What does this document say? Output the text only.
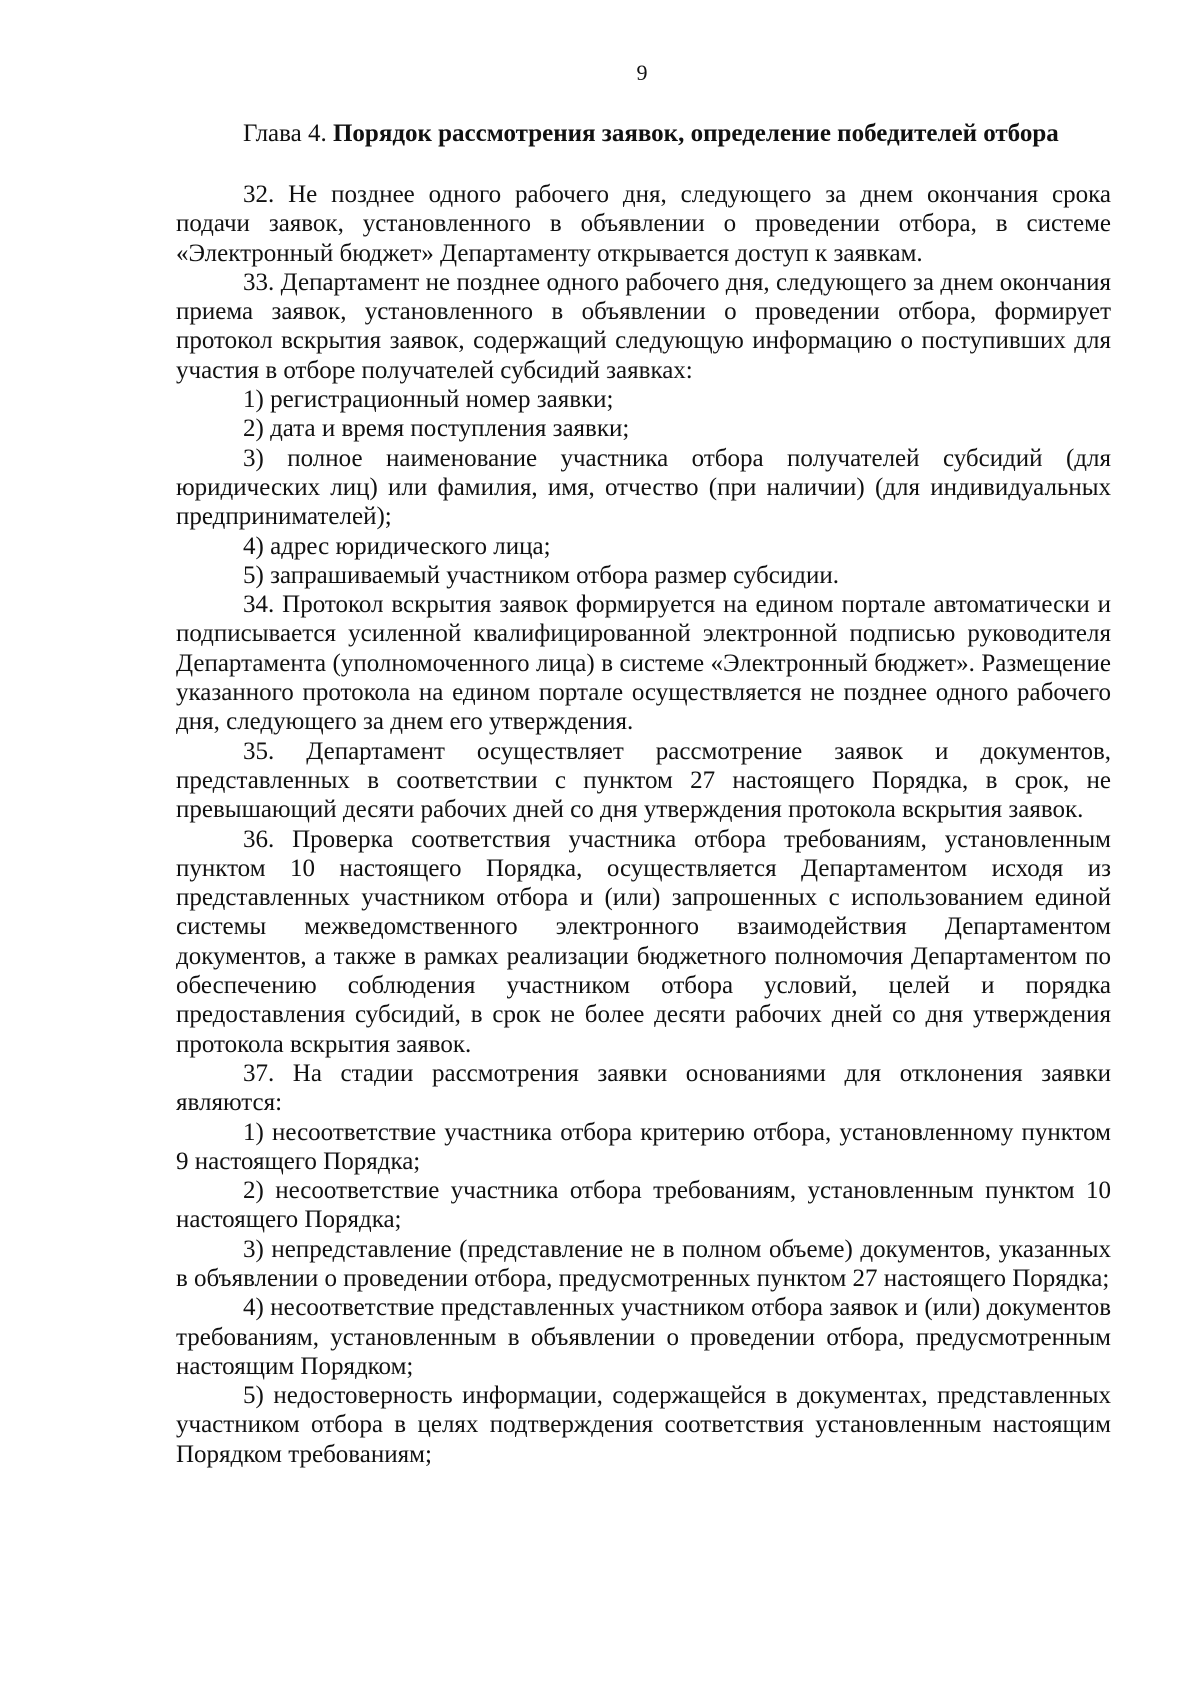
9
Глава 4. Порядок рассмотрения заявок, определение победителей отбора

32. Не позднее одного рабочего дня, следующего за днем окончания срока подачи заявок, установленного в объявлении о проведении отбора, в системе «Электронный бюджет» Департаменту открывается доступ к заявкам.

33. Департамент не позднее одного рабочего дня, следующего за днем окончания приема заявок, установленного в объявлении о проведении отбора, формирует протокол вскрытия заявок, содержащий следующую информацию о поступивших для участия в отборе получателей субсидий заявках:

1) регистрационный номер заявки;

2) дата и время поступления заявки;

3) полное наименование участника отбора получателей субсидий (для юридических лиц) или фамилия, имя, отчество (при наличии) (для индивидуальных предпринимателей);

4) адрес юридического лица;

5) запрашиваемый участником отбора размер субсидии.

34. Протокол вскрытия заявок формируется на едином портале автоматически и подписывается усиленной квалифицированной электронной подписью руководителя Департамента (уполномоченного лица) в системе «Электронный бюджет». Размещение указанного протокола на едином портале осуществляется не позднее одного рабочего дня, следующего за днем его утверждения.

35. Департамент осуществляет рассмотрение заявок и документов, представленных в соответствии с пунктом 27 настоящего Порядка, в срок, не превышающий десяти рабочих дней со дня утверждения протокола вскрытия заявок.

36. Проверка соответствия участника отбора требованиям, установленным пунктом 10 настоящего Порядка, осуществляется Департаментом исходя из представленных участником отбора и (или) запрошенных с использованием единой системы межведомственного электронного взаимодействия Департаментом документов, а также в рамках реализации бюджетного полномочия Департаментом по обеспечению соблюдения участником отбора условий, целей и порядка предоставления субсидий, в срок не более десяти рабочих дней со дня утверждения протокола вскрытия заявок.

37. На стадии рассмотрения заявки основаниями для отклонения заявки являются:

1) несоответствие участника отбора критерию отбора, установленному пунктом 9 настоящего Порядка;

2) несоответствие участника отбора требованиям, установленным пунктом 10 настоящего Порядка;

3) непредставление (представление не в полном объеме) документов, указанных в объявлении о проведении отбора, предусмотренных пунктом 27 настоящего Порядка;

4) несоответствие представленных участником отбора заявок и (или) документов требованиям, установленным в объявлении о проведении отбора, предусмотренным настоящим Порядком;

5) недостоверность информации, содержащейся в документах, представленных участником отбора в целях подтверждения соответствия установленным настоящим Порядком требованиям;
